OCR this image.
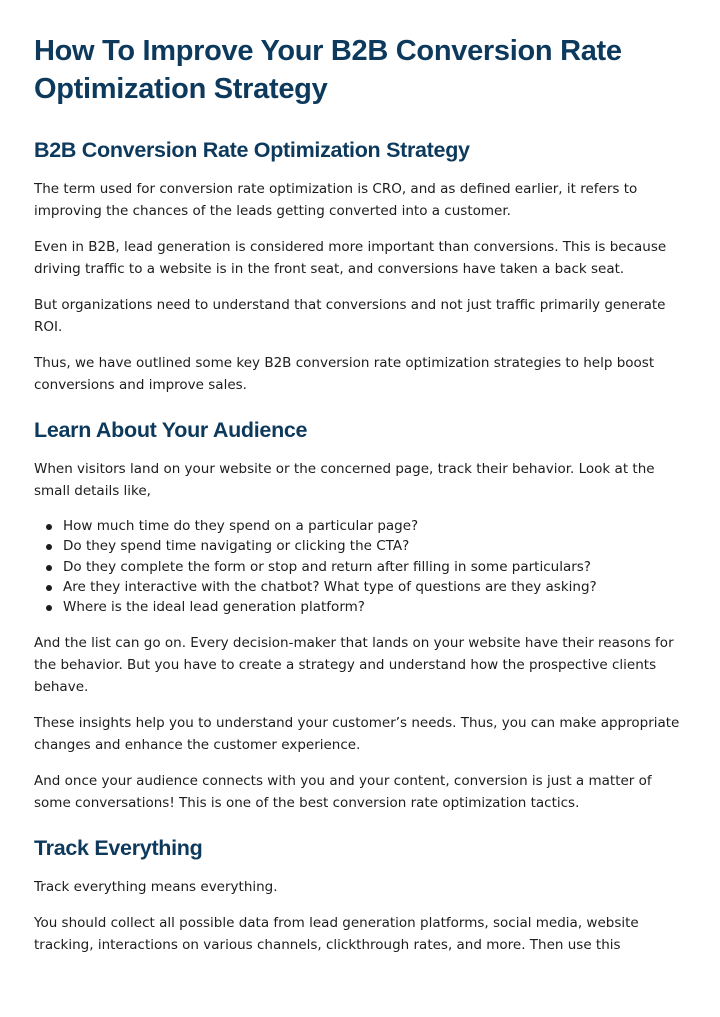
How To Improve Your B2B Conversion Rate Optimization Strategy
B2B Conversion Rate Optimization Strategy

The term used for conversion rate optimization is CRO, and as defined earlier, it refers to improving the chances of the leads getting converted into a customer.

Even in B2B, lead generation is considered more important than conversions. This is because driving traffic to a website is in the front seat, and conversions have taken a back seat.

But organizations need to understand that conversions and not just traffic primarily generate ROI.

Thus, we have outlined some key B2B conversion rate optimization strategies to help boost conversions and improve sales.

Learn About Your Audience

When visitors land on your website or the concerned page, track their behavior. Look at the small details like,

How much time do they spend on a particular page?
Do they spend time navigating or clicking the CTA?
Do they complete the form or stop and return after filling in some particulars?
Are they interactive with the chatbot? What type of questions are they asking?
Where is the ideal lead generation platform?

And the list can go on. Every decision-maker that lands on your website have their reasons for the behavior. But you have to create a strategy and understand how the prospective clients behave.

These insights help you to understand your customer’s needs. Thus, you can make appropriate changes and enhance the customer experience.

And once your audience connects with you and your content, conversion is just a matter of some conversations! This is one of the best conversion rate optimization tactics.

Track Everything

Track everything means everything.

You should collect all possible data from lead generation platforms, social media, website tracking, interactions on various channels, clickthrough rates, and more. Then use this
